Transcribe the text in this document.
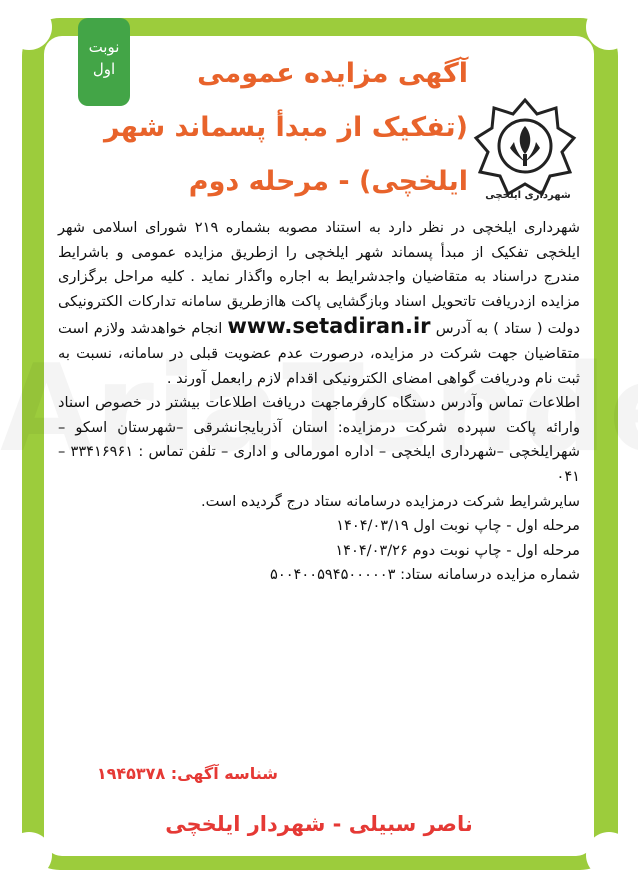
نوبت
اول	آگهی مزایده عمومی
(تفکیک از مبدأ پسماند شهر
ایلخچی) - مرحله دوم	شهرداری ایلخچی

شهرداری ایلخچی در نظر دارد به استناد مصوبه بشماره ۲۱۹ شورای اسلامی شهر ایلخچی تفکیک از مبدأ پسماند شهر ایلخچی را ازطریق مزایده عمومی و باشرایط مندرج دراسناد به متقاضیان واجدشرایط به اجاره واگذار نماید . کلیه مراحل برگزاری مزایده ازدریافت تاتحویل اسناد وبازگشایی پاکت هاازطریق سامانه تدارکات الکترونیکی دولت ( ستاد ) به آدرس www.setadiran.ir انجام خواهدشد ولازم است متقاضیان جهت شرکت در مزایده، درصورت عدم عضویت قبلی در سامانه، نسبت به ثبت نام ودریافت گواهی امضای الکترونیکی اقدام لازم رابعمل آورند .

اطلاعات تماس وآدرس دستگاه کارفرماجهت دریافت اطلاعات بیشتر در خصوص اسناد وارائه پاکت سپرده شرکت درمزایده: استان آذربایجانشرقی –شهرستان اسکو –شهرایلخچی –شهرداری ایلخچی – اداره امورمالی و اداری – تلفن تماس : ۳۳۴۱۶۹۶۱ – ۰۴۱

سایرشرایط شرکت درمزایده درسامانه ستاد درج گردیده است.

مرحله اول - چاپ نوبت اول ۱۴۰۴/۰۳/۱۹

مرحله اول - چاپ نوبت دوم ۱۴۰۴/۰۳/۲۶

شماره مزایده درسامانه ستاد: ۵۰۰۴۰۰۵۹۴۵۰۰۰۰۰۳

شناسه آگهی: ۱۹۴۵۳۷۸
ناصر سبیلی - شهردار ایلخچی
